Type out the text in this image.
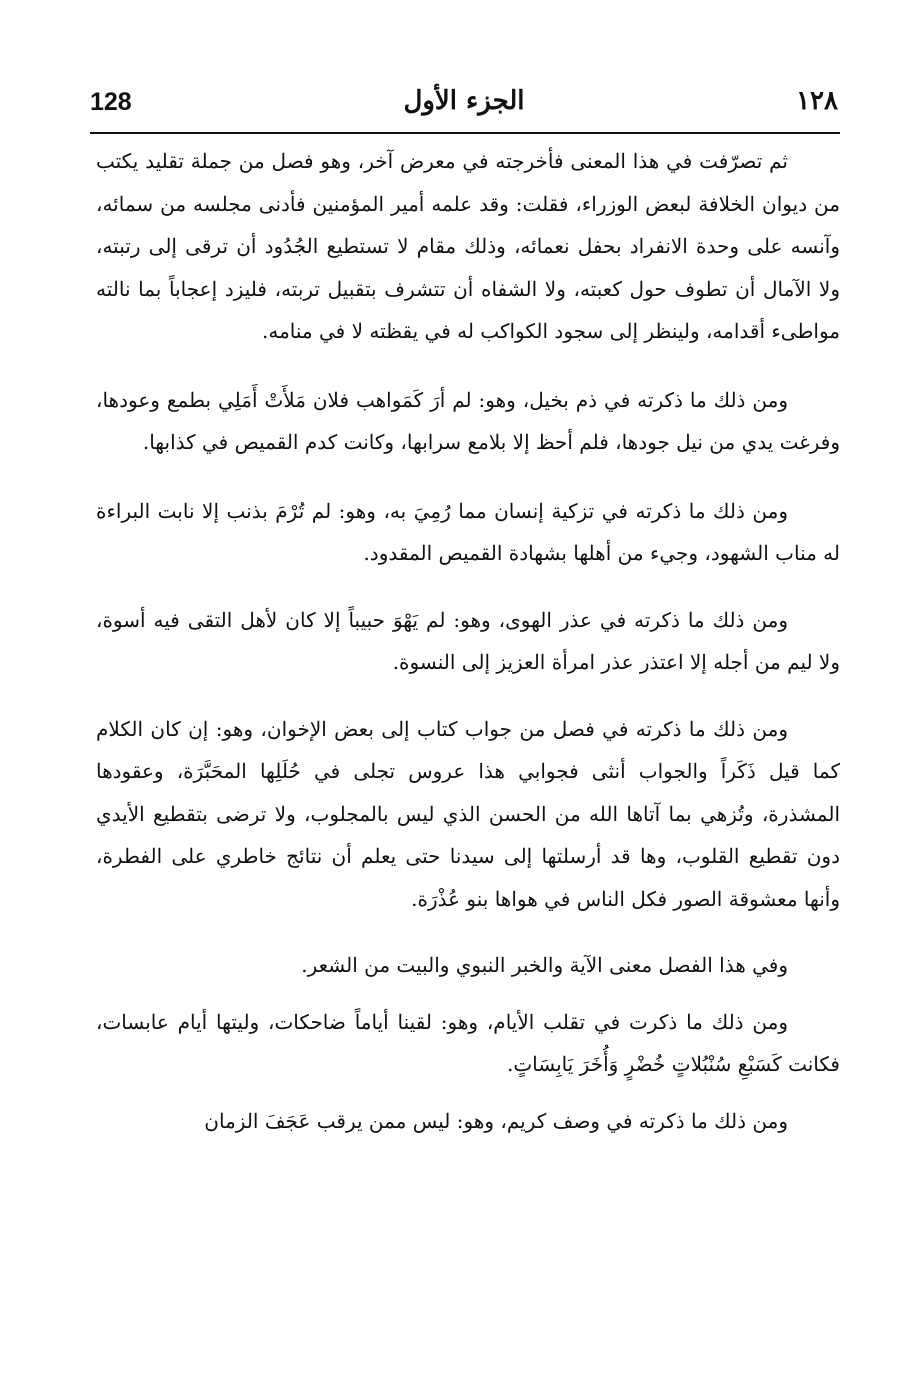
١٢٨
الجزء الأول
128

ثم تصرّفت في هذا المعنى فأخرجته في معرض آخر، وهو فصل من جملة تقليد يكتب من ديوان الخلافة لبعض الوزراء، فقلت: وقد علمه أمير المؤمنين فأدنى مجلسه من سمائه، وآنسه على وحدة الانفراد بحفل نعمائه، وذلك مقام لا تستطيع الجُدُود أن ترقى إلى رتبته، ولا الآمال أن تطوف حول كعبته، ولا الشفاه أن تتشرف بتقبيل تربته، فليزد إعجاباً بما نالته مواطىء أقدامه، ولينظر إلى سجود الكواكب له في يقظته لا في منامه.

ومن ذلك ما ذكرته في ذم بخيل، وهو: لم أرَ كَمَواهب فلان مَلأَتْ أَمَلِي بطمع وعودها، وفرغت يدي من نيل جودها، فلم أحظ إلا بلامع سرابها، وكانت كدم القميص في كذابها.

ومن ذلك ما ذكرته في تزكية إنسان مما رُمِيَ به، وهو: لم تُرْمَ بذنب إلا نابت البراءة له مناب الشهود، وجيء من أهلها بشهادة القميص المقدود.

ومن ذلك ما ذكرته في عذر الهوى، وهو: لم يَهْوَ حبيباً إلا كان لأهل التقى فيه أسوة، ولا ليم من أجله إلا اعتذر عذر امرأة العزيز إلى النسوة.

ومن ذلك ما ذكرته في فصل من جواب كتاب إلى بعض الإخوان، وهو: إن كان الكلام كما قيل ذَكَراً والجواب أنثى فجوابي هذا عروس تجلى في حُلَلِها المحَبَّرَة، وعقودها المشذرة، وتُزهي بما آتاها الله من الحسن الذي ليس بالمجلوب، ولا ترضى بتقطيع الأيدي دون تقطيع القلوب، وها قد أرسلتها إلى سيدنا حتى يعلم أن نتائج خاطري على الفطرة، وأنها معشوقة الصور فكل الناس في هواها بنو عُذْرَة.

وفي هذا الفصل معنى الآية والخبر النبوي والبيت من الشعر.

ومن ذلك ما ذكرت في تقلب الأيام، وهو: لقينا أياماً ضاحكات، وليتها أيام عابسات، فكانت كَسَبْعِ سُنْبُلاتٍ خُضْرٍ وَأُخَرَ يَابِسَاتٍ.

ومن ذلك ما ذكرته في وصف كريم، وهو: ليس ممن يرقب عَجَفَ الزمان
